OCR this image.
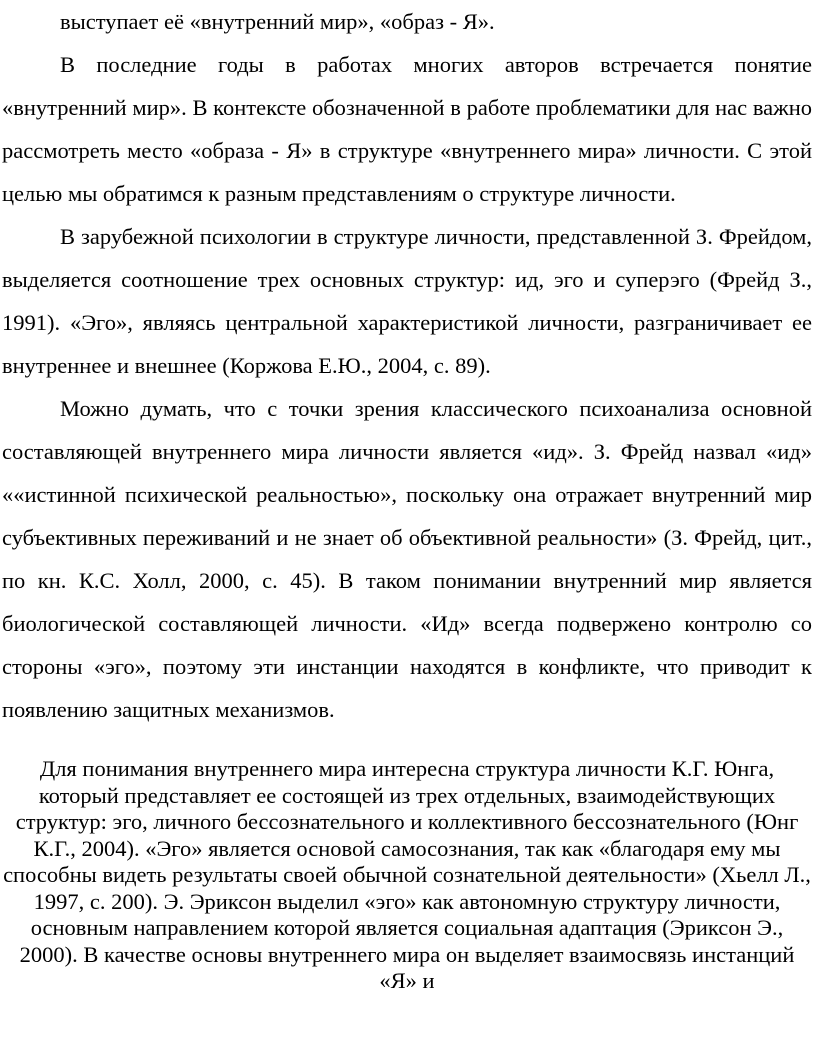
выступает её «внутренний мир», «образ - Я».

В последние годы в работах многих авторов встречается понятие «внутренний мир». В контексте обозначенной в работе проблематики для нас важно рассмотреть место «образа - Я» в структуре «внутреннего мира» личности. С этой целью мы обратимся к разным представлениям о структуре личности.

В зарубежной психологии в структуре личности, представленной З. Фрейдом, выделяется соотношение трех основных структур: ид, эго и суперэго (Фрейд З., 1991). «Эго», являясь центральной характеристикой личности, разграничивает ее внутреннее и внешнее (Коржова Е.Ю., 2004, с. 89).

Можно думать, что с точки зрения классического психоанализа основной составляющей внутреннего мира личности является «ид». З. Фрейд назвал «ид» ««истинной психической реальностью», поскольку она отражает внутренний мир субъективных переживаний и не знает об объективной реальности» (З. Фрейд, цит., по кн. К.С. Холл, 2000, с. 45). В таком понимании внутренний мир является биологической составляющей личности. «Ид» всегда подвержено контролю со стороны «эго», поэтому эти инстанции находятся в конфликте, что приводит к появлению защитных механизмов.

Для понимания внутреннего мира интересна структура личности К.Г. Юнга, который представляет ее состоящей из трех отдельных, взаимодействующих структур: эго, личного бессознательного и коллективного бессознательного (Юнг К.Г., 2004). «Эго» является основой самосознания, так как «благодаря ему мы способны видеть результаты своей обычной сознательной деятельности» (Хьелл Л., 1997, с. 200). Э. Эриксон выделил «эго» как автономную структуру личности, основным направлением которой является социальная адаптация (Эриксон Э., 2000). В качестве основы внутреннего мира он выделяет взаимосвязь инстанций «Я» и
